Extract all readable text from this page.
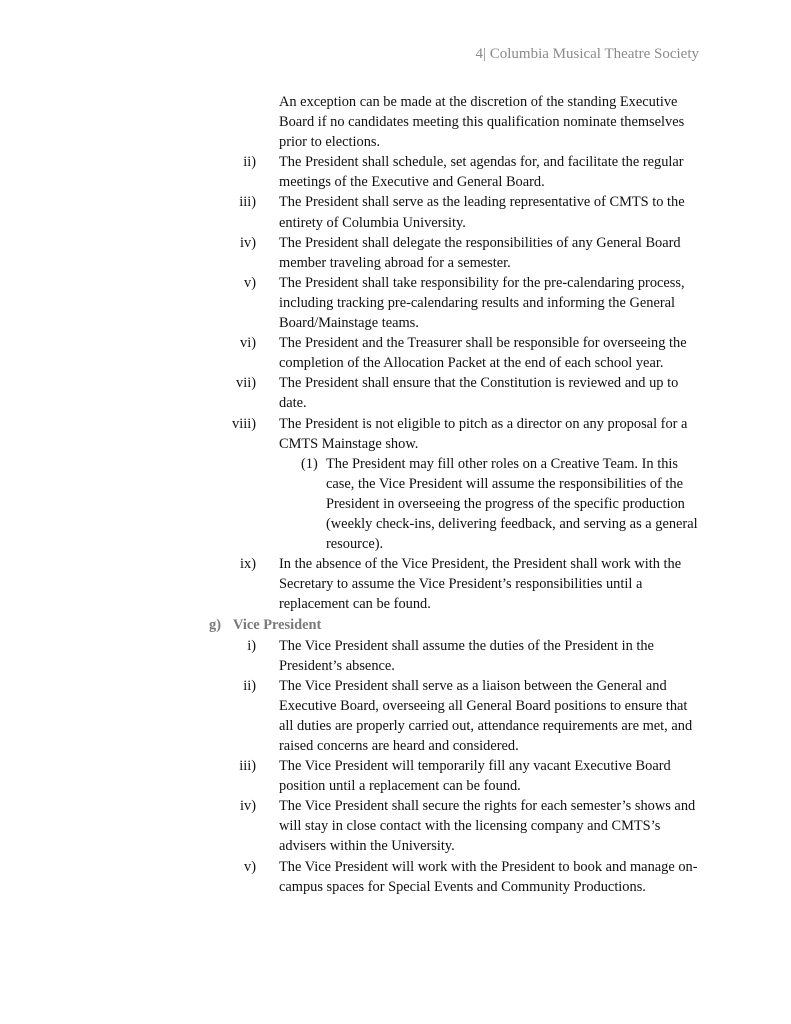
4| Columbia Musical Theatre Society
An exception can be made at the discretion of the standing Executive Board if no candidates meeting this qualification nominate themselves prior to elections.
ii) The President shall schedule, set agendas for, and facilitate the regular meetings of the Executive and General Board.
iii) The President shall serve as the leading representative of CMTS to the entirety of Columbia University.
iv) The President shall delegate the responsibilities of any General Board member traveling abroad for a semester.
v) The President shall take responsibility for the pre-calendaring process, including tracking pre-calendaring results and informing the General Board/Mainstage teams.
vi) The President and the Treasurer shall be responsible for overseeing the completion of the Allocation Packet at the end of each school year.
vii) The President shall ensure that the Constitution is reviewed and up to date.
viii) The President is not eligible to pitch as a director on any proposal for a CMTS Mainstage show.
(1) The President may fill other roles on a Creative Team. In this case, the Vice President will assume the responsibilities of the President in overseeing the progress of the specific production (weekly check-ins, delivering feedback, and serving as a general resource).
ix) In the absence of the Vice President, the President shall work with the Secretary to assume the Vice President’s responsibilities until a replacement can be found.
g) Vice President
i) The Vice President shall assume the duties of the President in the President’s absence.
ii) The Vice President shall serve as a liaison between the General and Executive Board, overseeing all General Board positions to ensure that all duties are properly carried out, attendance requirements are met, and raised concerns are heard and considered.
iii) The Vice President will temporarily fill any vacant Executive Board position until a replacement can be found.
iv) The Vice President shall secure the rights for each semester’s shows and will stay in close contact with the licensing company and CMTS’s advisers within the University.
v) The Vice President will work with the President to book and manage on-campus spaces for Special Events and Community Productions.
